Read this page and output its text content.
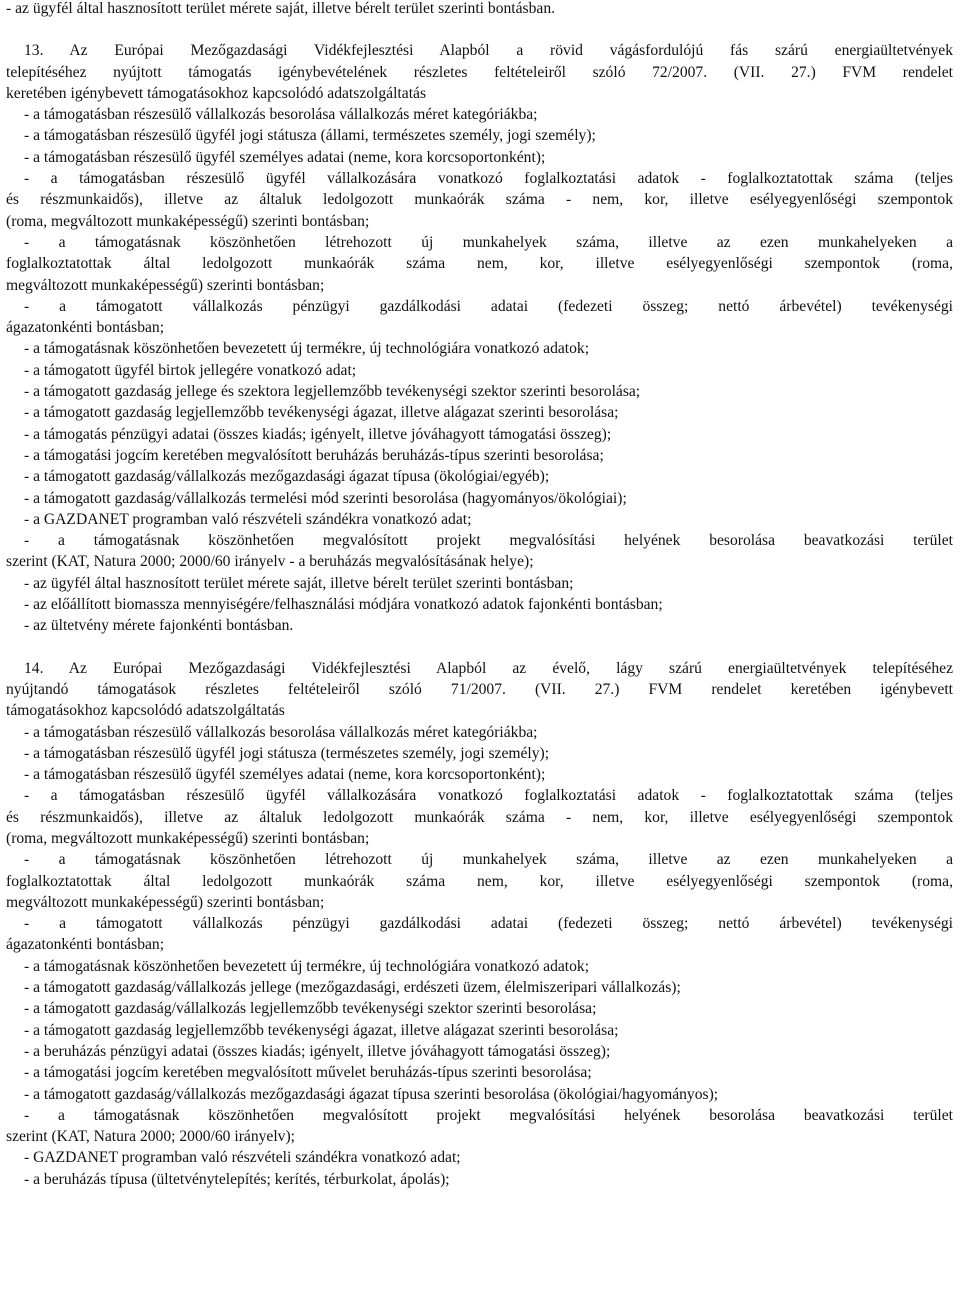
- az ügyfél által hasznosított terület mérete saját, illetve bérelt terület szerinti bontásban.
13. Az Európai Mezőgazdasági Vidékfejlesztési Alapból a rövid vágásfordulójú fás szárú energiaültetvények
telepítéséhez nyújtott támogatás igénybevételének részletes feltételeiről szóló 72/2007. (VII. 27.) FVM rendelet
keretében igénybevett támogatásokhoz kapcsolódó adatszolgáltatás
- a támogatásban részesülő vállalkozás besorolása vállalkozás méret kategóriákba;
- a támogatásban részesülő ügyfél jogi státusza (állami, természetes személy, jogi személy);
- a támogatásban részesülő ügyfél személyes adatai (neme, kora korcsoportonként);
- a támogatásban részesülő ügyfél vállalkozására vonatkozó foglalkoztatási adatok - foglalkoztatottak száma (teljes
és részmunkaidős), illetve az általuk ledolgozott munkaórák száma - nem, kor, illetve esélyegyenlőségi szempontok
(roma, megváltozott munkaképességű) szerinti bontásban;
- a támogatásnak köszönhetően létrehozott új munkahelyek száma, illetve az ezen munkahelyeken a
foglalkoztatottak által ledolgozott munkaórák száma nem, kor, illetve esélyegyenlőségi szempontok (roma,
megváltozott munkaképességű) szerinti bontásban;
- a támogatott vállalkozás pénzügyi gazdálkodási adatai (fedezeti összeg; nettó árbevétel) tevékenységi
ágazatonkénti bontásban;
- a támogatásnak köszönhetően bevezetett új termékre, új technológiára vonatkozó adatok;
- a támogatott ügyfél birtok jellegére vonatkozó adat;
- a támogatott gazdaság jellege és szektora legjellemzőbb tevékenységi szektor szerinti besorolása;
- a támogatott gazdaság legjellemzőbb tevékenységi ágazat, illetve alágazat szerinti besorolása;
- a támogatás pénzügyi adatai (összes kiadás; igényelt, illetve jóváhagyott támogatási összeg);
- a támogatási jogcím keretében megvalósított beruházás beruházás-típus szerinti besorolása;
- a támogatott gazdaság/vállalkozás mezőgazdasági ágazat típusa (ökológiai/egyéb);
- a támogatott gazdaság/vállalkozás termelési mód szerinti besorolása (hagyományos/ökológiai);
- a GAZDANET programban való részvételi szándékra vonatkozó adat;
- a támogatásnak köszönhetően megvalósított projekt megvalósítási helyének besorolása beavatkozási terület
szerint (KAT, Natura 2000; 2000/60 irányelv - a beruházás megvalósításának helye);
- az ügyfél által hasznosított terület mérete saját, illetve bérelt terület szerinti bontásban;
- az előállított biomassza mennyiségére/felhasználási módjára vonatkozó adatok fajonkénti bontásban;
- az ültetvény mérete fajonkénti bontásban.
14. Az Európai Mezőgazdasági Vidékfejlesztési Alapból az évelő, lágy szárú energiaültetvények telepítéséhez
nyújtandó támogatások részletes feltételeiről szóló 71/2007. (VII. 27.) FVM rendelet keretében igénybevett
támogatásokhoz kapcsolódó adatszolgáltatás
- a támogatásban részesülő vállalkozás besorolása vállalkozás méret kategóriákba;
- a támogatásban részesülő ügyfél jogi státusza (természetes személy, jogi személy);
- a támogatásban részesülő ügyfél személyes adatai (neme, kora korcsoportonként);
- a támogatásban részesülő ügyfél vállalkozására vonatkozó foglalkoztatási adatok - foglalkoztatottak száma (teljes
és részmunkaidős), illetve az általuk ledolgozott munkaórák száma - nem, kor, illetve esélyegyenlőségi szempontok
(roma, megváltozott munkaképességű) szerinti bontásban;
- a támogatásnak köszönhetően létrehozott új munkahelyek száma, illetve az ezen munkahelyeken a
foglalkoztatottak által ledolgozott munkaórák száma nem, kor, illetve esélyegyenlőségi szempontok (roma,
megváltozott munkaképességű) szerinti bontásban;
- a támogatott vállalkozás pénzügyi gazdálkodási adatai (fedezeti összeg; nettó árbevétel) tevékenységi
ágazatonkénti bontásban;
- a támogatásnak köszönhetően bevezetett új termékre, új technológiára vonatkozó adatok;
- a támogatott gazdaság/vállalkozás jellege (mezőgazdasági, erdészeti üzem, élelmiszeripari vállalkozás);
- a támogatott gazdaság/vállalkozás legjellemzőbb tevékenységi szektor szerinti besorolása;
- a támogatott gazdaság legjellemzőbb tevékenységi ágazat, illetve alágazat szerinti besorolása;
- a beruházás pénzügyi adatai (összes kiadás; igényelt, illetve jóváhagyott támogatási összeg);
- a támogatási jogcím keretében megvalósított művelet beruházás-típus szerinti besorolása;
- a támogatott gazdaság/vállalkozás mezőgazdasági ágazat típusa szerinti besorolása (ökológiai/hagyományos);
- a támogatásnak köszönhetően megvalósított projekt megvalósítási helyének besorolása beavatkozási terület
szerint (KAT, Natura 2000; 2000/60 irányelv);
- GAZDANET programban való részvételi szándékra vonatkozó adat;
- a beruházás típusa (ültetvénytelepítés; kerítés, térburkolat, ápolás);
